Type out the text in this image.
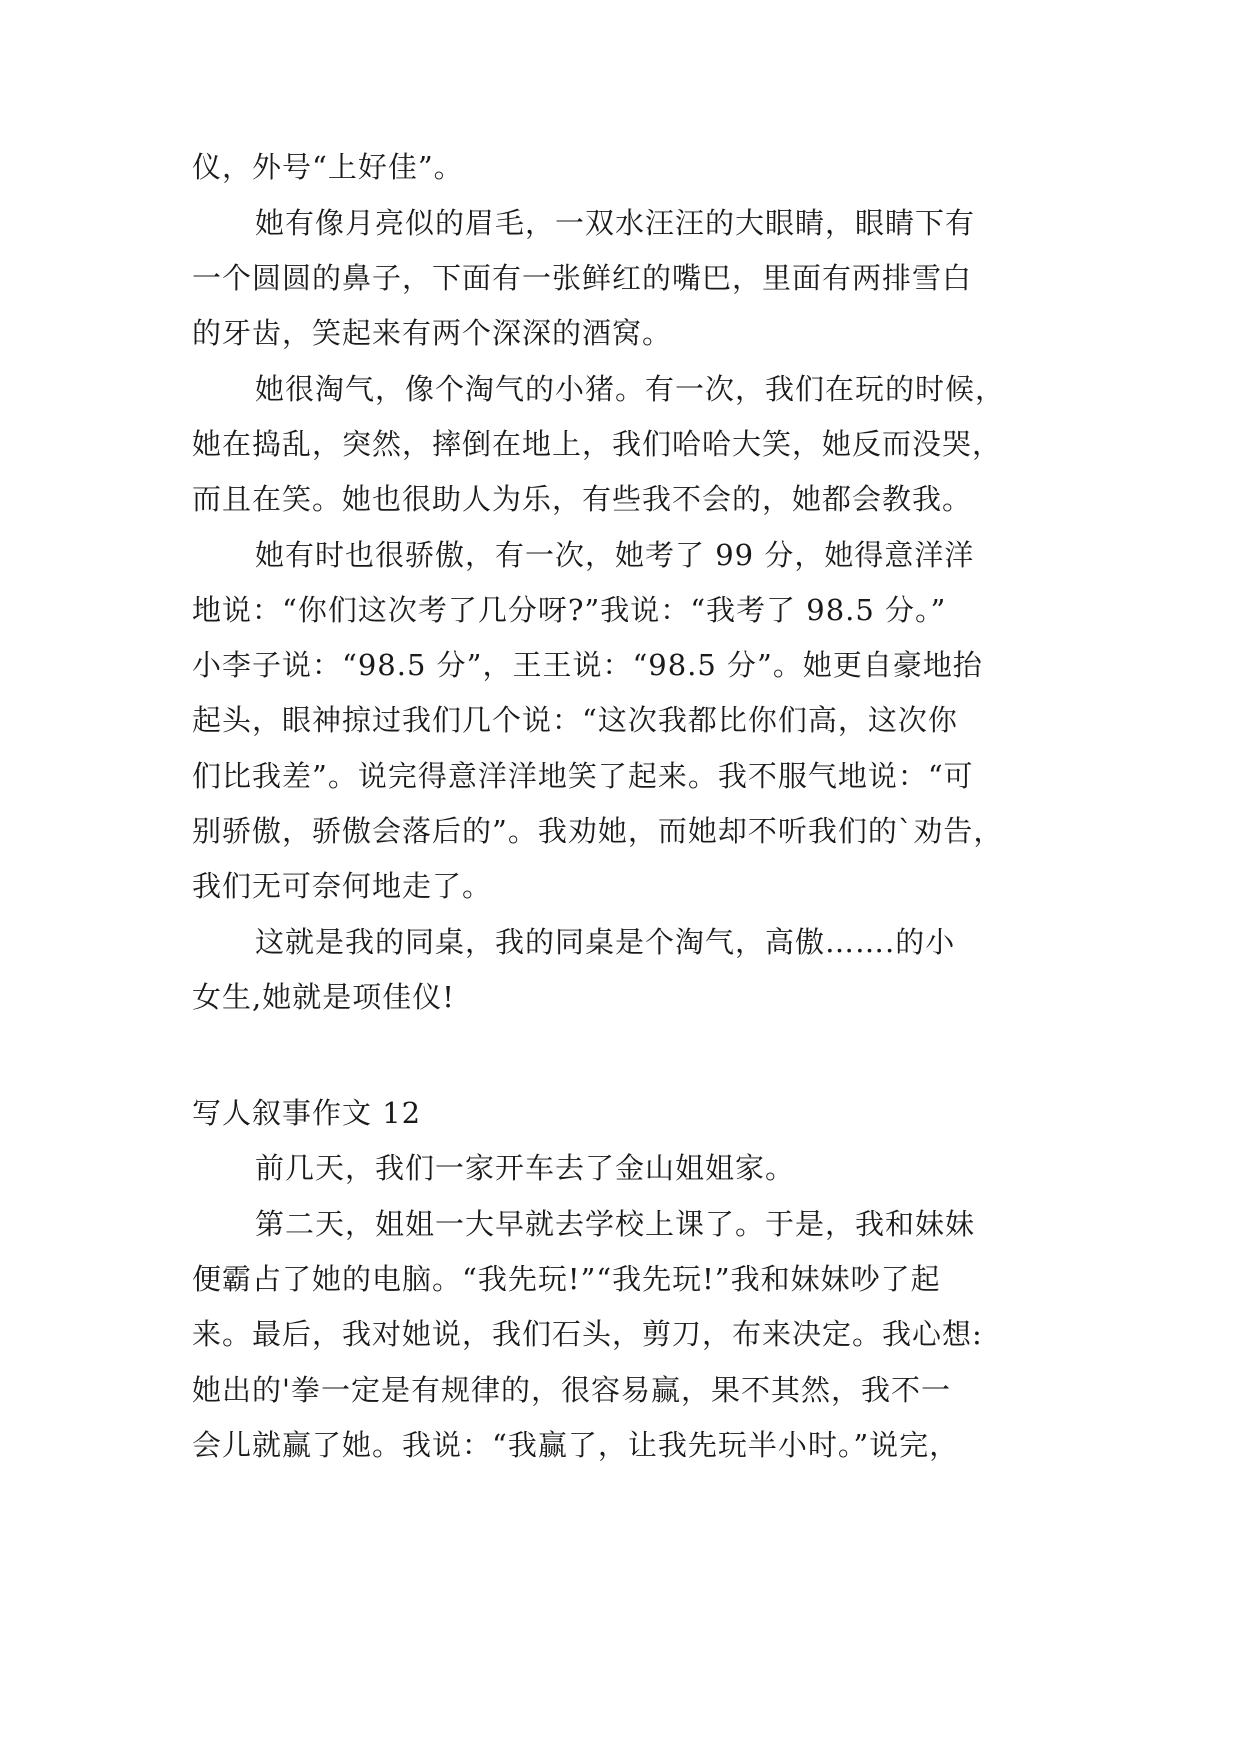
仪，外号“上好佳”。
她有像月亮似的眉毛，一双水汪汪的大眼睛，眼睛下有
一个圆圆的鼻子，下面有一张鲜红的嘴巴，里面有两排雪白
的牙齿，笑起来有两个深深的酒窝。
她很淘气，像个淘气的小猪。有一次，我们在玩的时候，
她在捣乱，突然，摔倒在地上，我们哈哈大笑，她反而没哭，
而且在笑。她也很助人为乐，有些我不会的，她都会教我。
她有时也很骄傲，有一次，她考了 99 分，她得意洋洋
地说：“你们这次考了几分呀?”我说：“我考了 98.5 分。”
小李子说：“98.5 分”，王王说：“98.5 分”。她更自豪地抬
起头，眼神掠过我们几个说：“这次我都比你们高，这次你
们比我差”。说完得意洋洋地笑了起来。我不服气地说：“可
别骄傲，骄傲会落后的”。我劝她，而她却不听我们的`劝告，
我们无可奈何地走了。
这就是我的同桌，我的同桌是个淘气，高傲…….的小
女生,她就是项佳仪!
写人叙事作文 12
前几天，我们一家开车去了金山姐姐家。
第二天，姐姐一大早就去学校上课了。于是，我和妹妹
便霸占了她的电脑。“我先玩!”“我先玩!”我和妹妹吵了起
来。最后，我对她说，我们石头，剪刀，布来决定。我心想:
她出的'拳一定是有规律的，很容易赢，果不其然，我不一
会儿就赢了她。我说：“我赢了，让我先玩半小时。”说完，
